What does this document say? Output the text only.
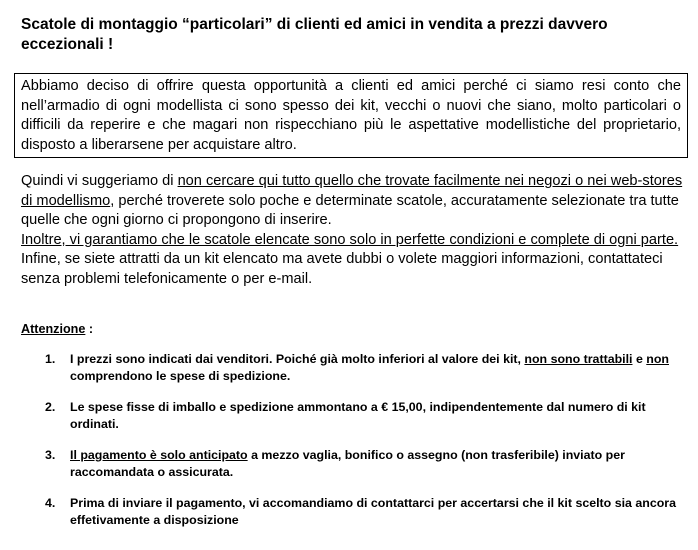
Scatole di montaggio “particolari” di clienti ed amici in vendita a prezzi davvero eccezionali !
Abbiamo deciso di offrire questa opportunità a clienti ed amici perché ci siamo resi conto che nell’armadio di ogni modellista ci sono spesso dei kit, vecchi o nuovi che siano, molto particolari o difficili da reperire e che magari non rispecchiano più le aspettative modellistiche del proprietario, disposto a liberarsene per acquistare altro.

Quindi vi suggeriamo di non cercare qui tutto quello che trovate facilmente nei negozi o nei web-stores di modellismo, perché troverete solo poche e determinate scatole, accuratamente selezionate tra tutte quelle che ogni giorno ci propongono di inserire.

Inoltre, vi garantiamo che le scatole elencate sono solo in perfette condizioni e complete di ogni parte.

Infine, se siete attratti da un kit elencato ma avete dubbi o volete maggiori informazioni, contattateci senza problemi telefonicamente o per e-mail.

Attenzione :
1. I prezzi sono indicati dai venditori. Poiché già molto inferiori al valore dei kit, non sono trattabili e non comprendono le spese di spedizione.
2. Le spese fisse di imballo e spedizione ammontano a € 15,00, indipendentemente dal numero di kit ordinati.
3. Il pagamento è solo anticipato a mezzo vaglia, bonifico o assegno (non trasferibile) inviato per raccomandata o assicurata.
4. Prima di inviare il pagamento, vi accomandiamo di contattarci per accertarsi che il kit scelto sia ancora effetivamente a disposizione
